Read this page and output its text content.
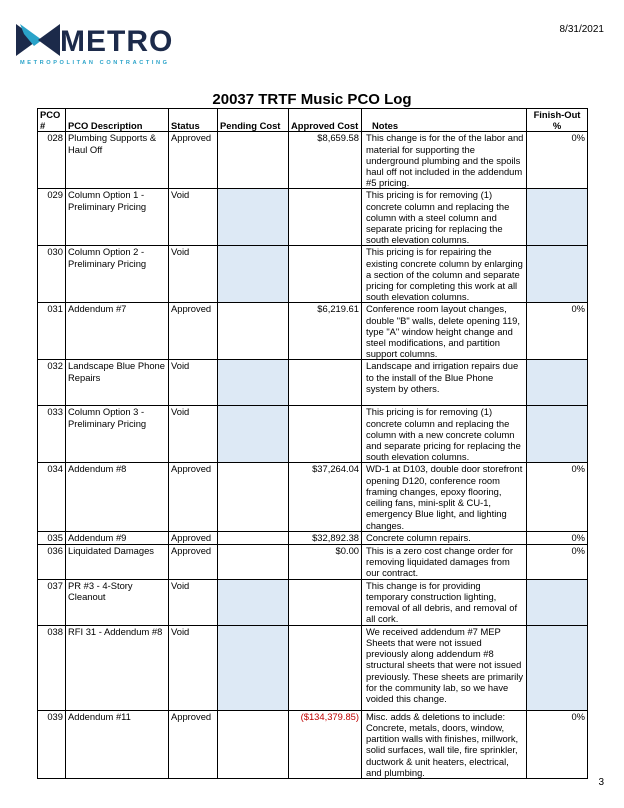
8/31/2021
METRO
METROPOLITAN CONTRACTING
20037 TRTF Music PCO Log
PCO #	PCO Description	Status	Pending Cost	Approved Cost	Notes	Finish-Out %
028	Plumbing Supports & Haul Off	Approved		$8,659.58	This change is for the of the labor and material for supporting the underground plumbing and the spoils haul off not included in the addendum #5 pricing.	0%
029	Column Option 1 - Preliminary Pricing	Void			This pricing is for removing (1) concrete column and replacing the column with a steel column and separate pricing for replacing the south elevation columns.	
030	Column Option 2 - Preliminary Pricing	Void			This pricing is for repairing the existing concrete column by enlarging a section of the column and separate pricing for completing this work at all south elevation columns.	
031	Addendum #7	Approved		$6,219.61	Conference room layout changes, double "B" walls, delete opening 119, type "A" window height change and steel modifications, and partition support columns.	0%
032	Landscape Blue Phone Repairs	Void			Landscape and irrigation repairs due to the install of the Blue Phone system by others.	
033	Column Option 3 - Preliminary Pricing	Void			This pricing is for removing (1) concrete column and replacing the column with a new concrete column and separate pricing for replacing the south elevation columns.	
034	Addendum #8	Approved		$37,264.04	WD-1 at D103, double door storefront opening D120, conference room framing changes, epoxy flooring, ceiling fans, mini-split & CU-1, emergency Blue light, and lighting changes.	0%
035	Addendum #9	Approved		$32,892.38	Concrete column repairs.	0%
036	Liquidated Damages	Approved		$0.00	This is a zero cost change order for removing liquidated damages from our contract.	0%
037	PR #3 - 4-Story Cleanout	Void			This change is for providing temporary construction lighting, removal of all debris, and removal of all cork.	
038	RFI 31 - Addendum #8	Void			We received addendum #7 MEP Sheets that were not issued previously along addendum #8 structural sheets that were not issued previously. These sheets are primarily for the community lab, so we have voided this change.	
039	Addendum #11	Approved		($134,379.85)	Misc. adds & deletions to include: Concrete, metals, doors, window, partition walls with finishes, millwork, solid surfaces, wall tile, fire sprinkler, ductwork & unit heaters, electrical, and plumbing.	0%
3
